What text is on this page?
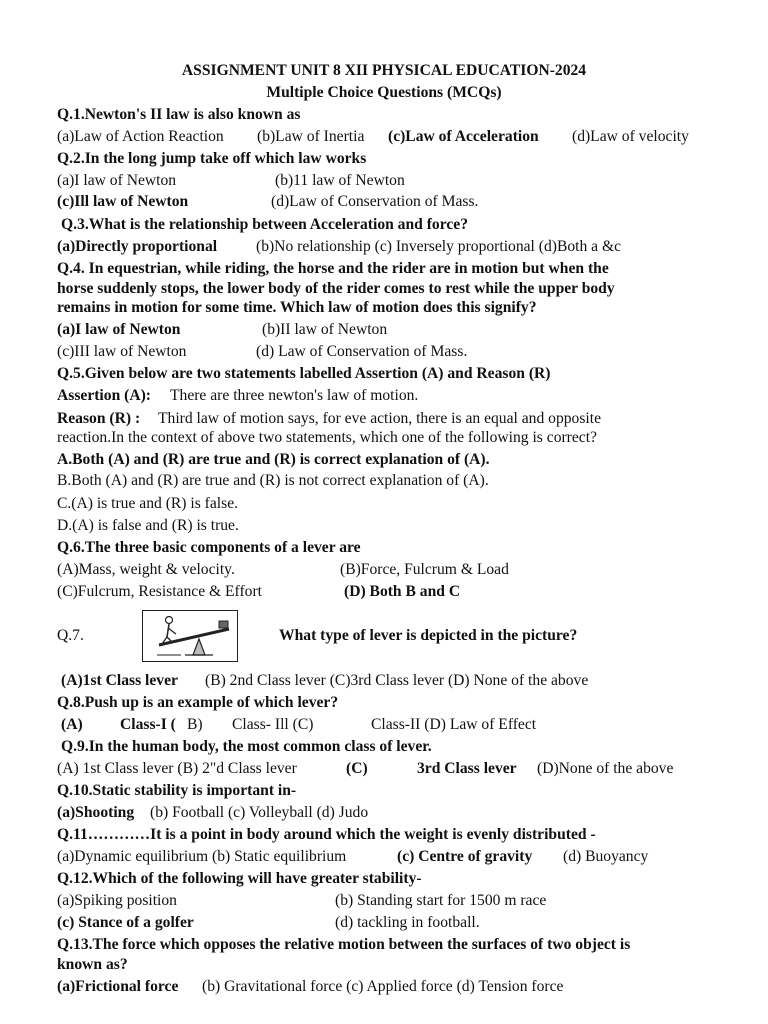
ASSIGNMENT UNIT 8 XII PHYSICAL EDUCATION-2024
Multiple Choice Questions (MCQs)
Q.1.Newton's II law is also known as
(a)Law of Action Reaction (b)Law of Inertia (c)Law of Acceleration (d)Law of velocity
Q.2.In the long jump take off which law works
(a)I law of Newton	(b)11 law of Newton
(c)Ill law of Newton	(d)Law of Conservation of Mass.
Q.3.What is the relationship between Acceleration and force?
(a)Directly proportional (b)No relationship (c) Inversely proportional (d)Both a &c
Q.4. In equestrian, while riding, the horse and the rider are in motion but when the
horse suddenly stops, the lower body of the rider comes to rest while the upper body
remains in motion for some time. Which law of motion does this signify?
(a)I law of Newton	(b)II law of Newton
(c)III law of Newton	(d) Law of Conservation of Mass.
Q.5.Given below are two statements labelled Assertion (A) and Reason (R)
Assertion (A): There are three newton's law of motion.
Reason (R) : Third law of motion says, for eve action, there is an equal and opposite
reaction.In the context of above two statements, which one of the following is correct?
A.Both (A) and (R) are true and (R) is correct explanation of (A).
B.Both (A) and (R) are true and (R) is not correct explanation of (A).
C.(A) is true and (R) is false.
D.(A) is false and (R) is true.
Q.6.The three basic components of a lever are
(A)Mass, weight & velocity.	(B)Force, Fulcrum & Load
(C)Fulcrum, Resistance & Effort	(D) Both B and C
Q.7.	What type of lever is depicted in the picture?
(A)1st Class lever (B) 2nd Class lever (C)3rd Class lever (D) None of the above
Q.8.Push up is an example of which lever?
(A) Class-I ( B) Class- Ill (C)	Class-II (D) Law of Effect
Q.9.In the human body, the most common class of lever.
(A) 1st Class lever (B) 2"d Class lever	(C)	3rd Class lever (D)None of the above
Q.10.Static stability is important in-
(a)Shooting (b) Football (c) Volleyball (d) Judo
Q.11…………It is a point in body around which the weight is evenly distributed -
(a)Dynamic equilibrium (b) Static equilibrium	(c) Centre of gravity (d) Buoyancy
Q.12.Which of the following will have greater stability-
(a)Spiking position	(b) Standing start for 1500 m race
(c) Stance of a golfer	(d) tackling in football.
Q.13.The force which opposes the relative motion between the surfaces of two object is
known as?
(a)Frictional force (b) Gravitational force (c) Applied force (d) Tension force
